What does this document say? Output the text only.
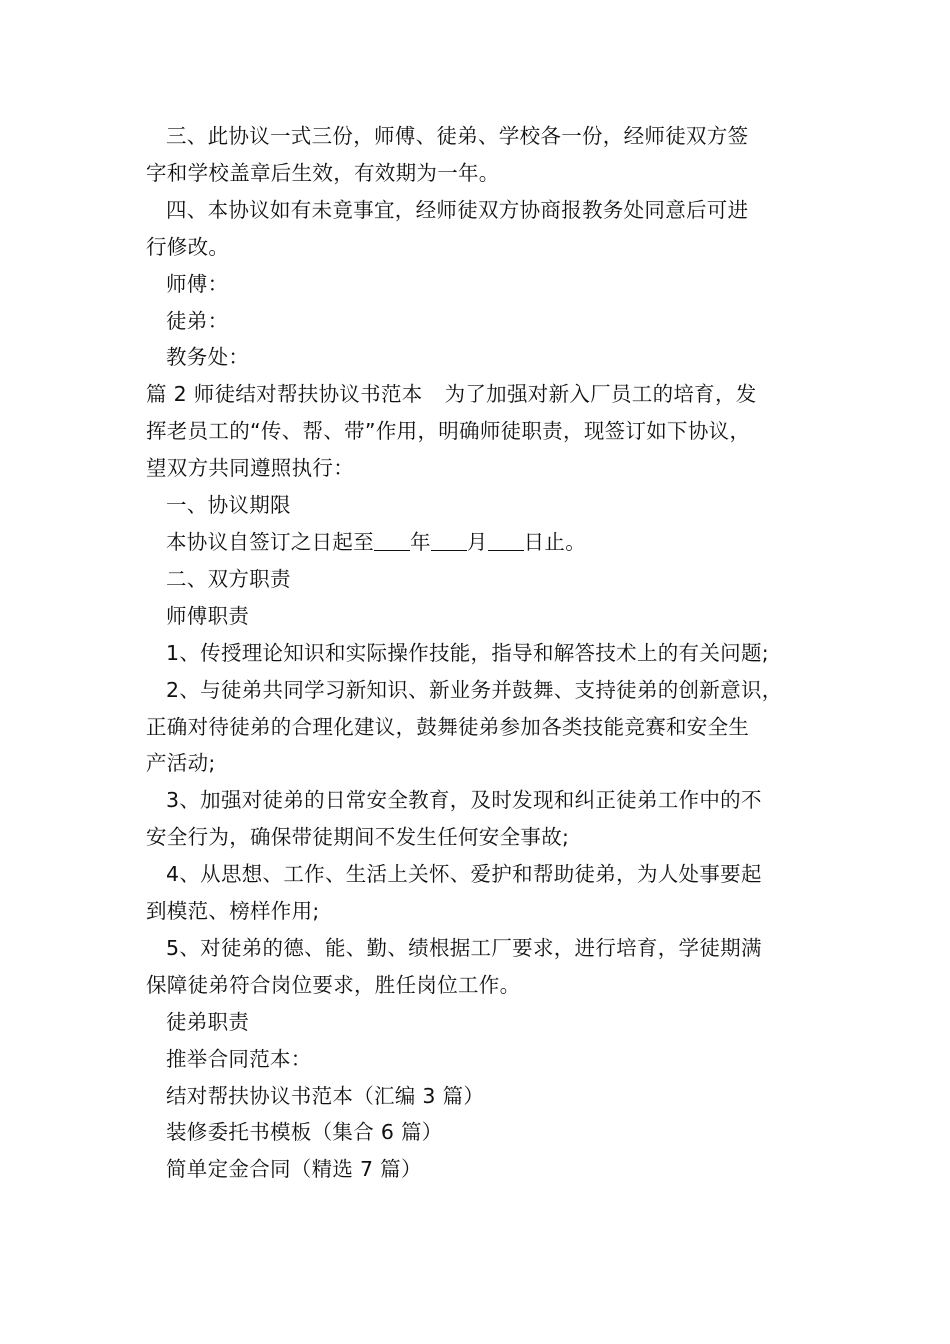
三、此协议一式三份，师傅、徒弟、学校各一份，经师徒双方签
字和学校盖章后生效，有效期为一年。
四、本协议如有未竟事宜，经师徒双方协商报教务处同意后可进
行修改。
师傅：
徒弟：
教务处：
篇 2 师徒结对帮扶协议书范本 为了加强对新入厂员工的培育，发
挥老员工的“传、帮、带”作用，明确师徒职责，现签订如下协议，
望双方共同遵照执行：
一、协议期限
本协议自签订之日起至 年 月 日止。
二、双方职责
师傅职责
1、传授理论知识和实际操作技能，指导和解答技术上的有关问题;
2、与徒弟共同学习新知识、新业务并鼓舞、支持徒弟的创新意识，
正确对待徒弟的合理化建议，鼓舞徒弟参加各类技能竞赛和安全生
产活动;
3、加强对徒弟的日常安全教育，及时发现和纠正徒弟工作中的不
安全行为，确保带徒期间不发生任何安全事故;
4、从思想、工作、生活上关怀、爱护和帮助徒弟，为人处事要起
到模范、榜样作用;
5、对徒弟的德、能、勤、绩根据工厂要求，进行培育，学徒期满
保障徒弟符合岗位要求，胜任岗位工作。
徒弟职责
推举合同范本：
结对帮扶协议书范本（汇编 3 篇）
装修委托书模板（集合 6 篇）
简单定金合同（精选 7 篇）
